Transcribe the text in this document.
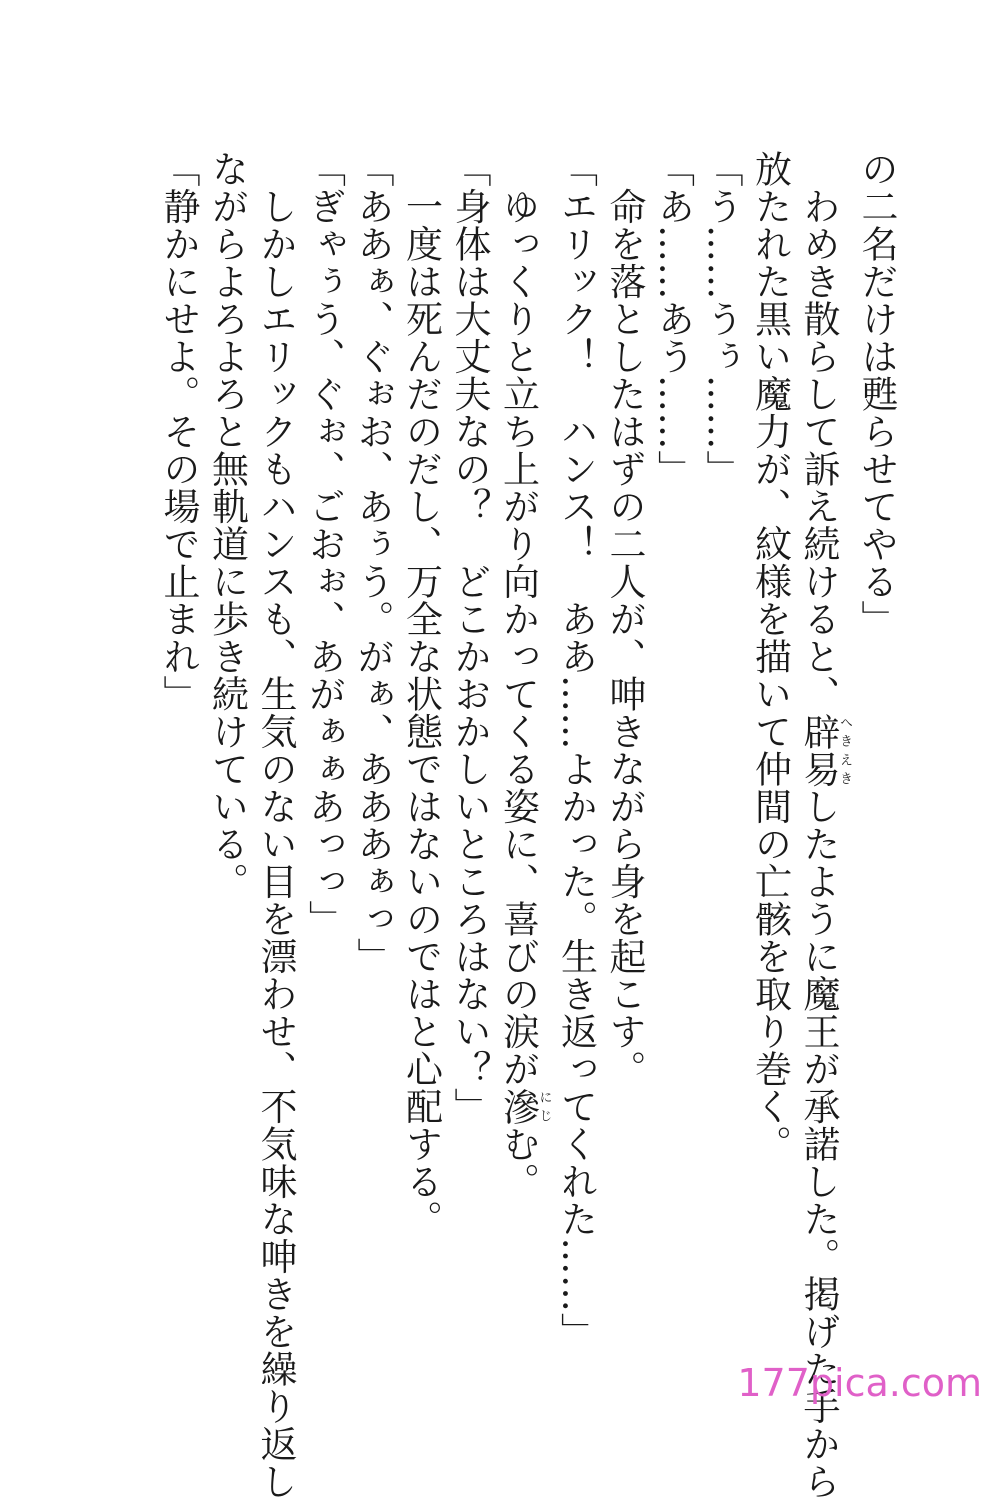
の二名だけは甦らせてやる」
　わめき散らして訴え続けると、辟易へきえきしたように魔王が承諾した。掲げた手から
放たれた黒い魔力が、紋様を描いて仲間の亡骸を取り巻く。
「う……うぅ……」
「あ……あう……」
　命を落としたはずの二人が、呻きながら身を起こす。
「エリック！　ハンス！　ああ……よかった。生き返ってくれた……」
　ゆっくりと立ち上がり向かってくる姿に、喜びの涙が滲にじむ。
「身体は大丈夫なの？　どこかおかしいところはない？」
　一度は死んだのだし、万全な状態ではないのではと心配する。
「ああぁ、ぐぉお、あぅう。がぁ、あああぁっ」
「ぎゃぅう、ぐぉ、ごおぉ、あがぁぁあっっ」
　しかしエリックもハンスも、生気のない目を漂わせ、不気味な呻きを繰り返し
ながらよろよろと無軌道に歩き続けている。
「静かにせよ。その場で止まれ」
177pica.com
